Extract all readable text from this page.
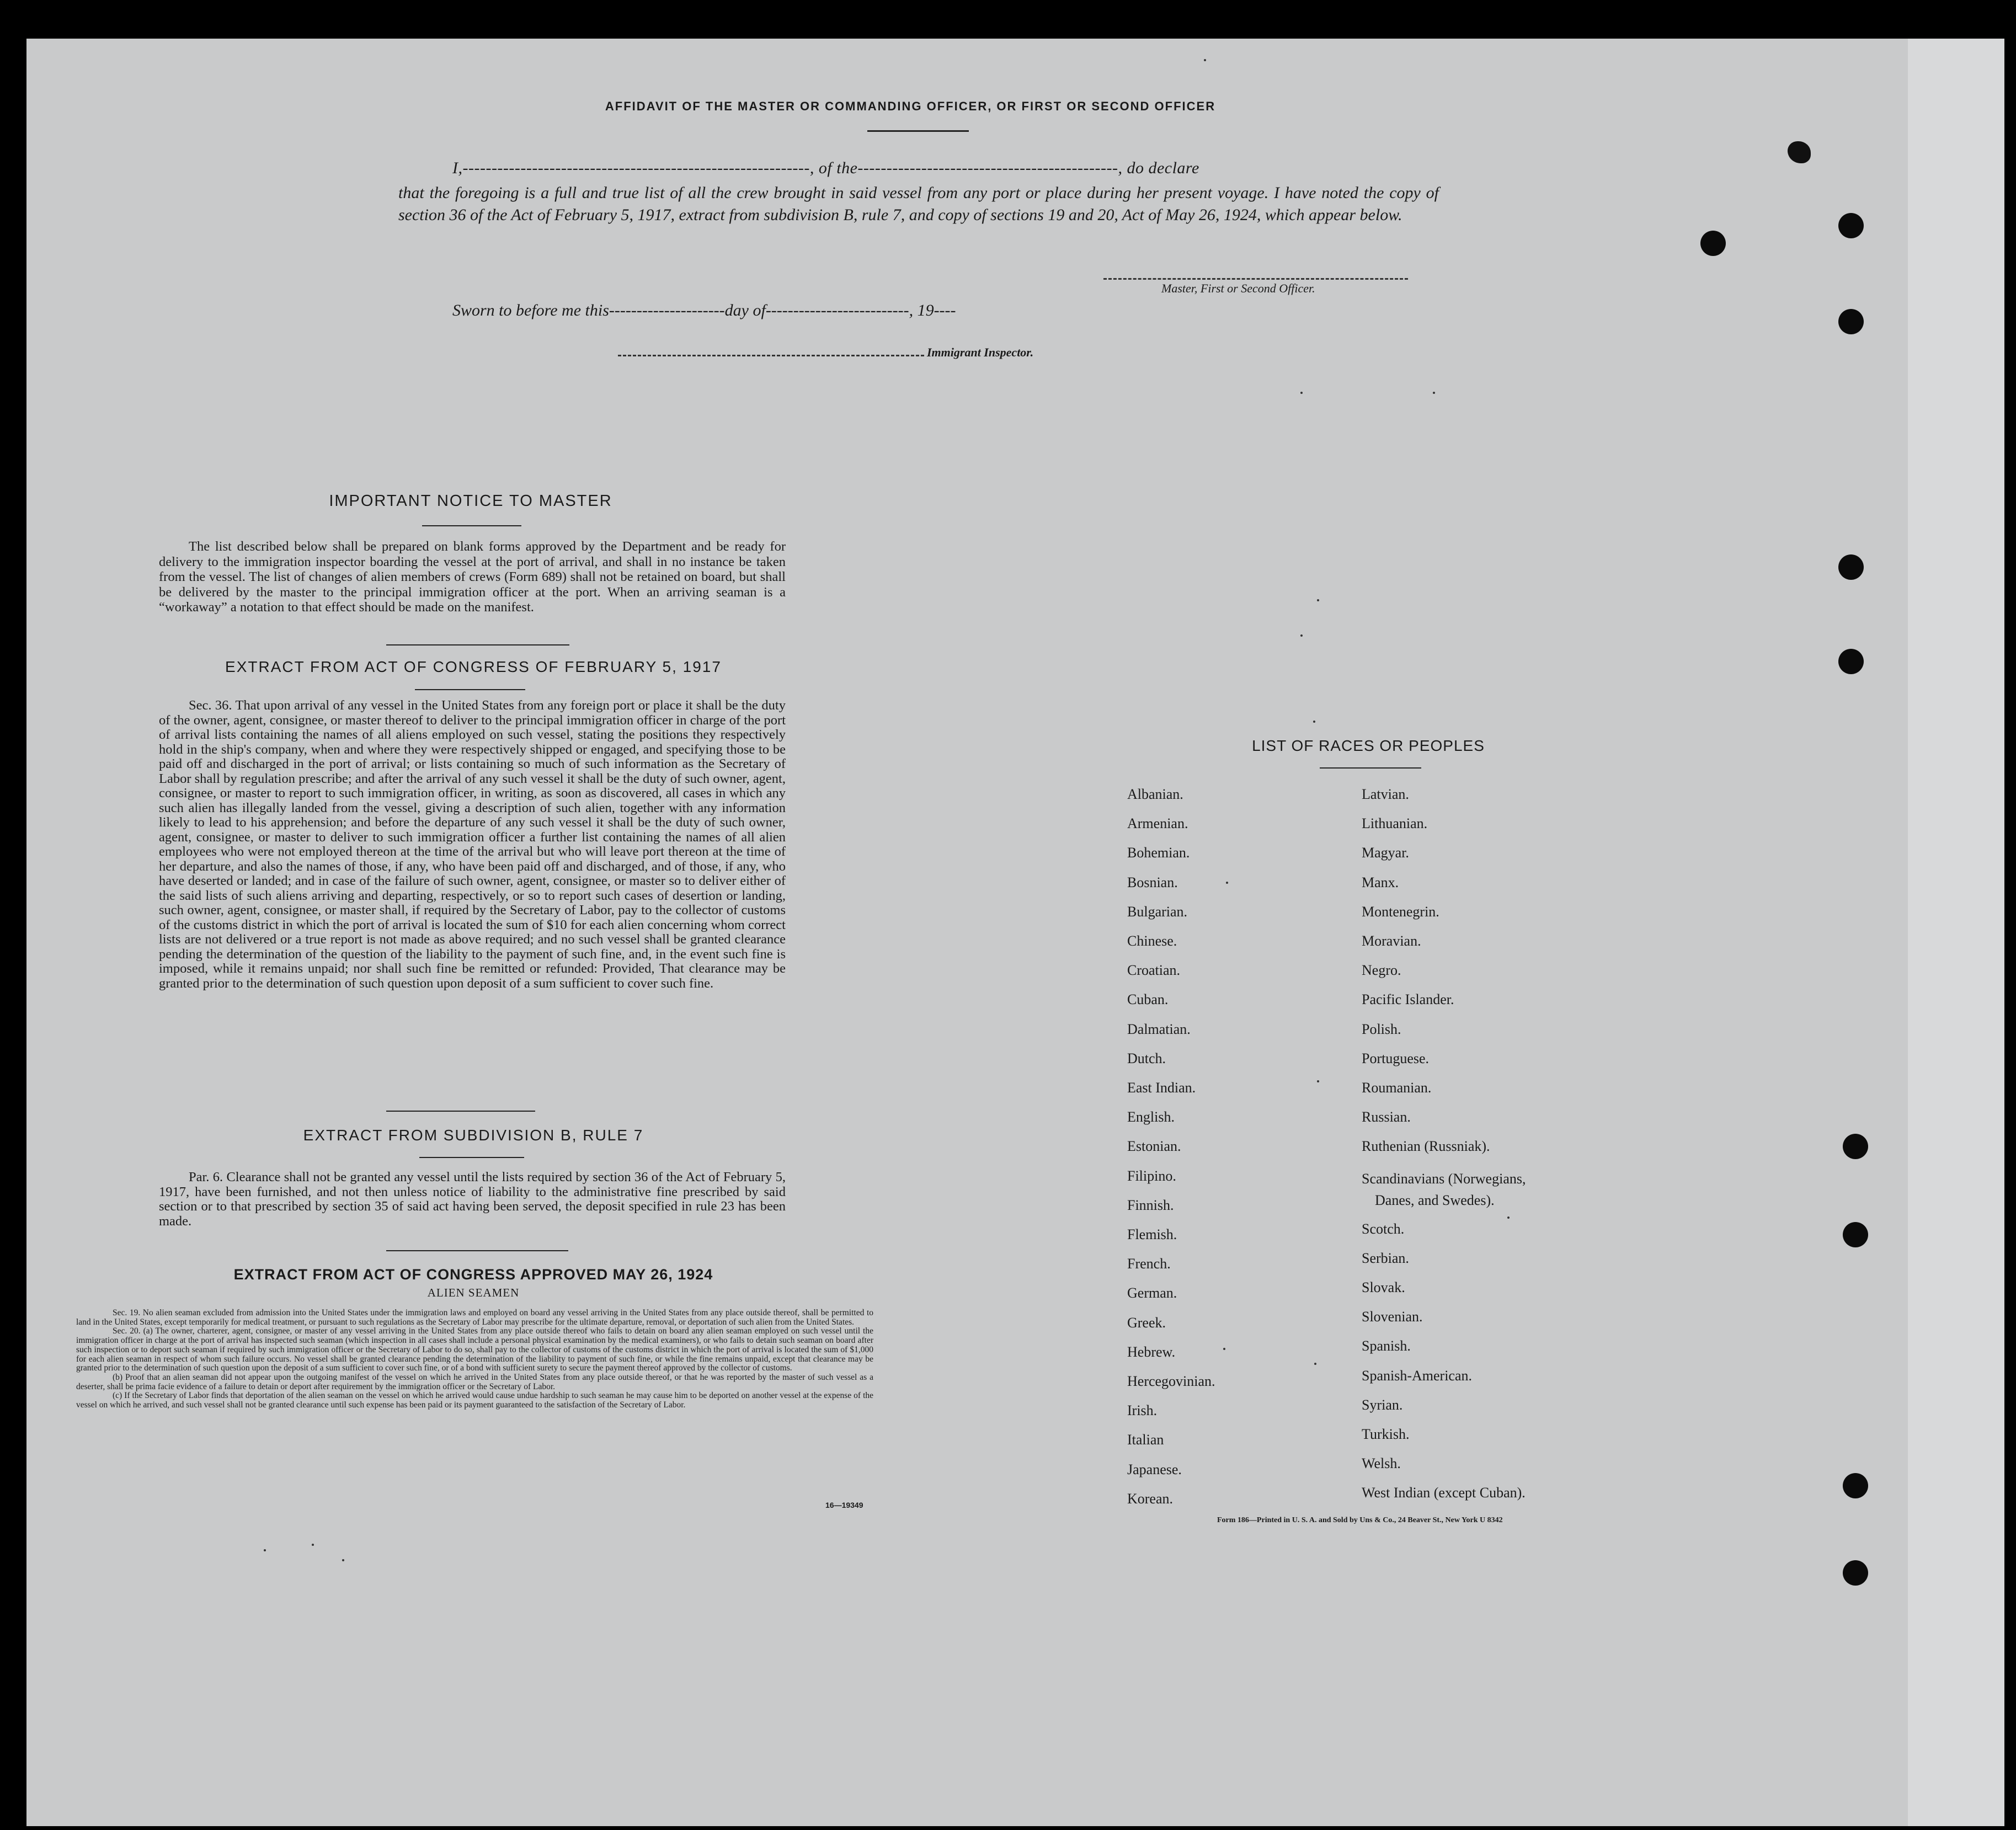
AFFIDAVIT OF THE MASTER OR COMMANDING OFFICER, OR FIRST OR SECOND OFFICER
I,‑‑‑‑‑‑‑‑‑‑‑‑‑‑‑‑‑‑‑‑‑‑‑‑‑‑‑‑‑‑‑‑‑‑‑‑‑‑‑‑‑‑‑‑‑‑‑‑‑‑‑‑‑‑‑‑‑‑‑‑, of the‑‑‑‑‑‑‑‑‑‑‑‑‑‑‑‑‑‑‑‑‑‑‑‑‑‑‑‑‑‑‑‑‑‑‑‑‑‑‑‑‑‑‑‑‑, do declare
that the foregoing is a full and true list of all the crew brought in said vessel from any port or place during her present voyage. I have noted the copy of section 36 of the Act of February 5, 1917, extract from subdivision B, rule 7, and copy of sections 19 and 20, Act of May 26, 1924, which appear below.
Master, First or Second Officer.
Sworn to before me this‑‑‑‑‑‑‑‑‑‑‑‑‑‑‑‑‑‑‑‑‑day of‑‑‑‑‑‑‑‑‑‑‑‑‑‑‑‑‑‑‑‑‑‑‑‑‑‑, 19‑‑‑‑
Immigrant Inspector.
IMPORTANT NOTICE TO MASTER
The list described below shall be prepared on blank forms approved by the Department and be ready for delivery to the immigration inspector boarding the vessel at the port of arrival, and shall in no instance be taken from the vessel. The list of changes of alien members of crews (Form 689) shall not be retained on board, but shall be delivered by the master to the principal immigration officer at the port. When an arriving seaman is a “workaway” a notation to that effect should be made on the manifest.
EXTRACT FROM ACT OF CONGRESS OF FEBRUARY 5, 1917
Sec. 36. That upon arrival of any vessel in the United States from any foreign port or place it shall be the duty of the owner, agent, consignee, or master thereof to deliver to the principal immigration officer in charge of the port of arrival lists containing the names of all aliens employed on such vessel, stating the positions they respectively hold in the ship's company, when and where they were respectively shipped or engaged, and specifying those to be paid off and discharged in the port of arrival; or lists containing so much of such information as the Secretary of Labor shall by regulation prescribe; and after the arrival of any such vessel it shall be the duty of such owner, agent, consignee, or master to report to such immigration officer, in writing, as soon as discovered, all cases in which any such alien has illegally landed from the vessel, giving a description of such alien, together with any information likely to lead to his apprehension; and before the departure of any such vessel it shall be the duty of such owner, agent, consignee, or master to deliver to such immigration officer a further list containing the names of all alien employees who were not employed thereon at the time of the arrival but who will leave port thereon at the time of her departure, and also the names of those, if any, who have been paid off and discharged, and of those, if any, who have deserted or landed; and in case of the failure of such owner, agent, consignee, or master so to deliver either of the said lists of such aliens arriving and departing, respectively, or so to report such cases of desertion or landing, such owner, agent, consignee, or master shall, if required by the Secretary of Labor, pay to the collector of customs of the customs district in which the port of arrival is located the sum of $10 for each alien concerning whom correct lists are not delivered or a true report is not made as above required; and no such vessel shall be granted clearance pending the determination of the question of the liability to the payment of such fine, and, in the event such fine is imposed, while it remains unpaid; nor shall such fine be remitted or refunded: Provided, That clearance may be granted prior to the determination of such question upon deposit of a sum sufficient to cover such fine.
EXTRACT FROM SUBDIVISION B, RULE 7
Par. 6. Clearance shall not be granted any vessel until the lists required by section 36 of the Act of February 5, 1917, have been furnished, and not then unless notice of liability to the administrative fine prescribed by said section or to that prescribed by section 35 of said act having been served, the deposit specified in rule 23 has been made.
EXTRACT FROM ACT OF CONGRESS APPROVED MAY 26, 1924
ALIEN SEAMEN
Sec. 19. No alien seaman excluded from admission into the United States under the immigration laws and employed on board any vessel arriving in the United States from any place outside thereof, shall be permitted to land in the United States, except temporarily for medical treatment, or pursuant to such regulations as the Secretary of Labor may prescribe for the ultimate departure, removal, or deportation of such alien from the United States.
Sec. 20. (a) The owner, charterer, agent, consignee, or master of any vessel arriving in the United States from any place outside thereof who fails to detain on board any alien seaman employed on such vessel until the immigration officer in charge at the port of arrival has inspected such seaman (which inspection in all cases shall include a personal physical examination by the medical examiners), or who fails to detain such seaman on board after such inspection or to deport such seaman if required by such immigration officer or the Secretary of Labor to do so, shall pay to the collector of customs of the customs district in which the port of arrival is located the sum of $1,000 for each alien seaman in respect of whom such failure occurs. No vessel shall be granted clearance pending the determination of the liability to payment of such fine, or while the fine remains unpaid, except that clearance may be granted prior to the determination of such question upon the deposit of a sum sufficient to cover such fine, or of a bond with sufficient surety to secure the payment thereof approved by the collector of customs.
(b) Proof that an alien seaman did not appear upon the outgoing manifest of the vessel on which he arrived in the United States from any place outside thereof, or that he was reported by the master of such vessel as a deserter, shall be prima facie evidence of a failure to detain or deport after requirement by the immigration officer or the Secretary of Labor.
(c) If the Secretary of Labor finds that deportation of the alien seaman on the vessel on which he arrived would cause undue hardship to such seaman he may cause him to be deported on another vessel at the expense of the vessel on which he arrived, and such vessel shall not be granted clearance until such expense has been paid or its payment guaranteed to the satisfaction of the Secretary of Labor.
16—19349
LIST OF RACES OR PEOPLES
Albanian.
Armenian.
Bohemian.
Bosnian.
Bulgarian.
Chinese.
Croatian.
Cuban.
Dalmatian.
Dutch.
East Indian.
English.
Estonian.
Filipino.
Finnish.
Flemish.
French.
German.
Greek.
Hebrew.
Hercegovinian.
Irish.
Italian
Japanese.
Korean.
Latvian.
Lithuanian.
Magyar.
Manx.
Montenegrin.
Moravian.
Negro.
Pacific Islander.
Polish.
Portuguese.
Roumanian.
Russian.
Ruthenian (Russniak).
Scandinavians (Norwegians,
Danes, and Swedes).
Scotch.
Serbian.
Slovak.
Slovenian.
Spanish.
Spanish-American.
Syrian.
Turkish.
Welsh.
West Indian (except Cuban).
Form 186—Printed in U. S. A. and Sold by Uns & Co., 24 Beaver St., New York U 8342
